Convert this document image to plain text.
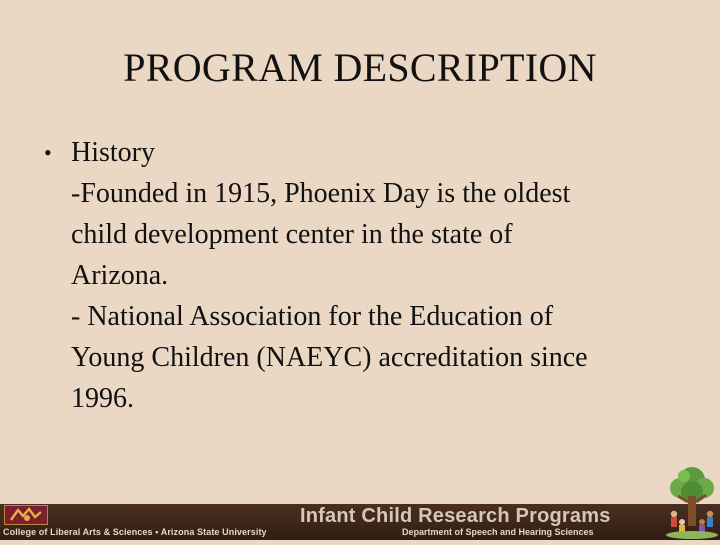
PROGRAM DESCRIPTION
• History
-Founded in 1915, Phoenix Day is the oldest
child development center in the state of
Arizona.
- National Association for the Education of
Young Children (NAEYC) accreditation since
1996.
College of Liberal Arts & Sciences • Arizona State University
Infant Child Research Programs
Department of Speech and Hearing Sciences
